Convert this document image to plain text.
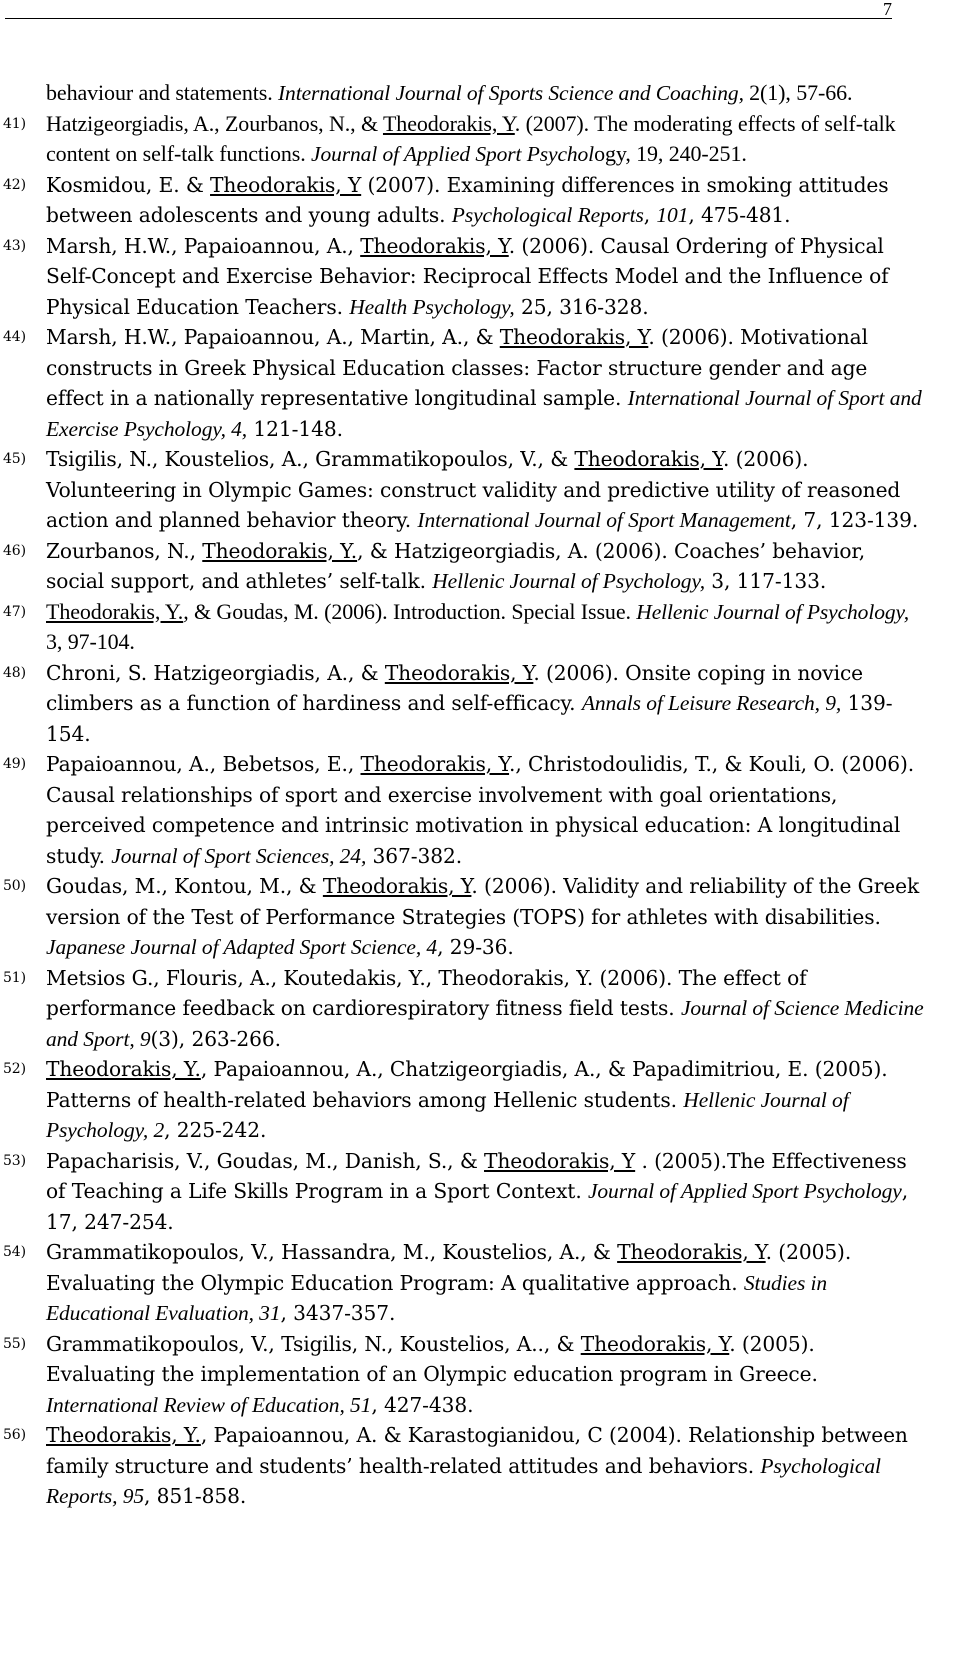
7
behaviour and statements. International Journal of Sports Science and Coaching, 2(1), 57-66.
41) Hatzigeorgiadis, A., Zourbanos, N., & Theodorakis, Y. (2007). The moderating effects of self-talk content on self-talk functions. Journal of Applied Sport Psychology, 19, 240-251.
42) Kosmidou, E. & Theodorakis, Y (2007). Examining differences in smoking attitudes between adolescents and young adults. Psychological Reports, 101, 475-481.
43) Marsh, H.W., Papaioannou, A., Theodorakis, Y. (2006). Causal Ordering of Physical Self-Concept and Exercise Behavior: Reciprocal Effects Model and the Influence of Physical Education Teachers. Health Psychology, 25, 316-328.
44) Marsh, H.W., Papaioannou, A., Martin, A., & Theodorakis, Y. (2006). Motivational constructs in Greek Physical Education classes: Factor structure gender and age effect in a nationally representative longitudinal sample. International Journal of Sport and Exercise Psychology, 4, 121-148.
45) Tsigilis, N., Koustelios, A., Grammatikopoulos, V., & Theodorakis, Y. (2006). Volunteering in Olympic Games: construct validity and predictive utility of reasoned action and planned behavior theory. International Journal of Sport Management, 7, 123-139.
46) Zourbanos, N., Theodorakis, Y., & Hatzigeorgiadis, A. (2006). Coaches’ behavior, social support, and athletes’ self-talk. Hellenic Journal of Psychology, 3, 117-133.
47) Theodorakis, Y., & Goudas, M. (2006). Introduction. Special Issue. Hellenic Journal of Psychology, 3, 97-104.
48) Chroni, S. Hatzigeorgiadis, A., & Theodorakis, Y. (2006). Onsite coping in novice climbers as a function of hardiness and self-efficacy. Annals of Leisure Research, 9, 139-154.
49) Papaioannou, A., Bebetsos, E., Theodorakis, Y., Christodoulidis, T., & Kouli, O. (2006). Causal relationships of sport and exercise involvement with goal orientations, perceived competence and intrinsic motivation in physical education: A longitudinal study. Journal of Sport Sciences, 24, 367-382.
50) Goudas, M., Kontou, M., & Theodorakis, Y. (2006). Validity and reliability of the Greek version of the Test of Performance Strategies (TOPS) for athletes with disabilities. Japanese Journal of Adapted Sport Science, 4, 29-36.
51) Metsios G., Flouris, A., Koutedakis, Y., Theodorakis, Y. (2006). The effect of performance feedback on cardiorespiratory fitness field tests. Journal of Science Medicine and Sport, 9(3), 263-266.
52) Theodorakis, Y., Papaioannou, A., Chatzigeorgiadis, A., & Papadimitriou, E. (2005). Patterns of health-related behaviors among Hellenic students. Hellenic Journal of Psychology, 2, 225-242.
53) Papacharisis, V., Goudas, M., Danish, S., & Theodorakis, Y . (2005).The Effectiveness of Teaching a Life Skills Program in a Sport Context. Journal of Applied Sport Psychology, 17, 247-254.
54) Grammatikopoulos, V., Hassandra, M., Koustelios, A., & Theodorakis, Y. (2005). Evaluating the Olympic Education Program: A qualitative approach. Studies in Educational Evaluation, 31, 3437-357.
55) Grammatikopoulos, V., Tsigilis, N., Koustelios, A.., & Theodorakis, Y. (2005). Evaluating the implementation of an Olympic education program in Greece. International Review of Education, 51, 427-438.
56) Theodorakis, Y., Papaioannou, A. & Karastogianidou, C (2004). Relationship between family structure and students’ health-related attitudes and behaviors. Psychological Reports, 95, 851-858.
